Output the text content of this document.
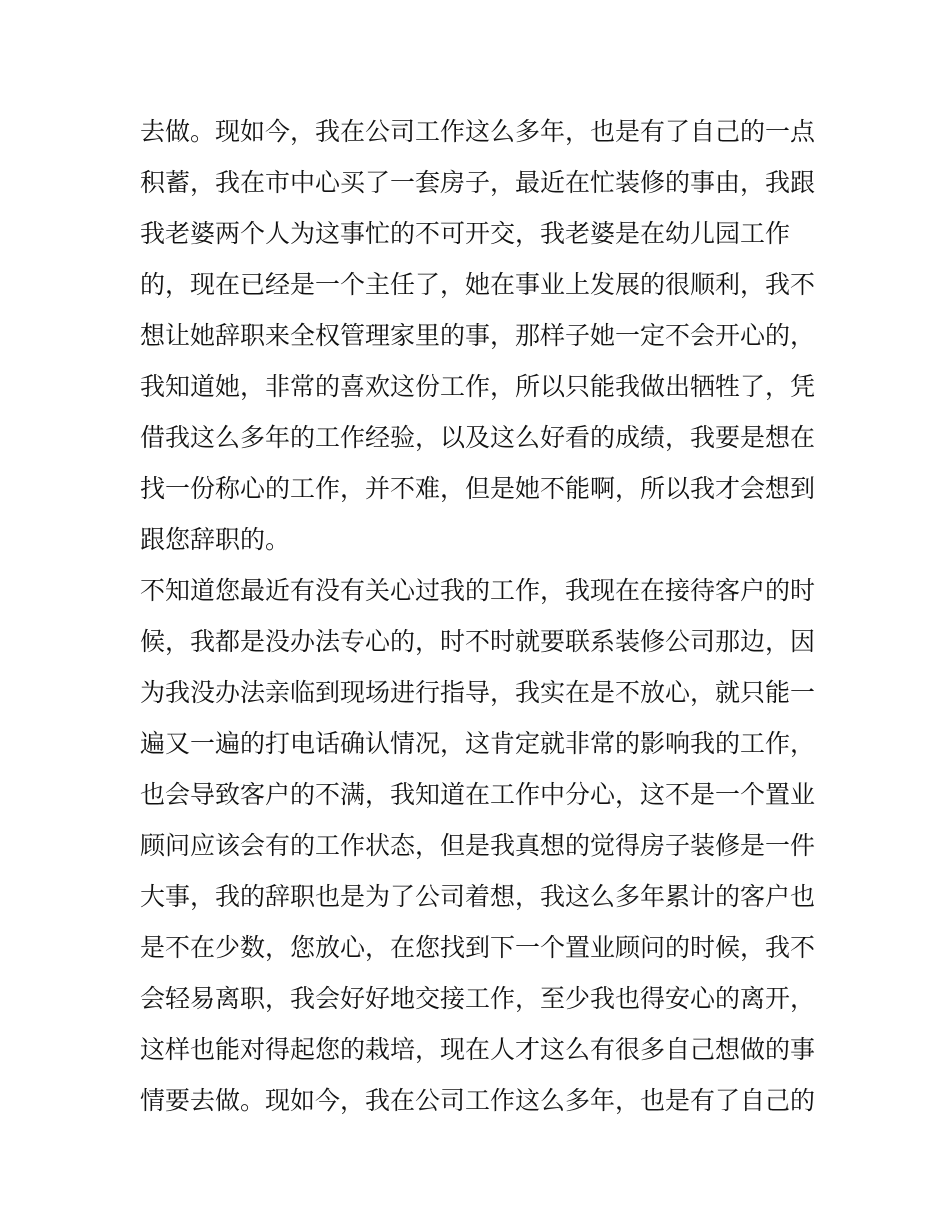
去做。现如今，我在公司工作这么多年，也是有了自己的一点
积蓄，我在市中心买了一套房子，最近在忙装修的事由，我跟
我老婆两个人为这事忙的不可开交，我老婆是在幼儿园工作
的，现在已经是一个主任了，她在事业上发展的很顺利，我不
想让她辞职来全权管理家里的事，那样子她一定不会开心的，
我知道她，非常的喜欢这份工作，所以只能我做出牺牲了，凭
借我这么多年的工作经验，以及这么好看的成绩，我要是想在
找一份称心的工作，并不难，但是她不能啊，所以我才会想到
跟您辞职的。
不知道您最近有没有关心过我的工作，我现在在接待客户的时
候，我都是没办法专心的，时不时就要联系装修公司那边，因
为我没办法亲临到现场进行指导，我实在是不放心，就只能一
遍又一遍的打电话确认情况，这肯定就非常的影响我的工作，
也会导致客户的不满，我知道在工作中分心，这不是一个置业
顾问应该会有的工作状态，但是我真想的觉得房子装修是一件
大事，我的辞职也是为了公司着想，我这么多年累计的客户也
是不在少数，您放心，在您找到下一个置业顾问的时候，我不
会轻易离职，我会好好地交接工作，至少我也得安心的离开，
这样也能对得起您的栽培，现在人才这么有很多自己想做的事
情要去做。现如今，我在公司工作这么多年，也是有了自己的
